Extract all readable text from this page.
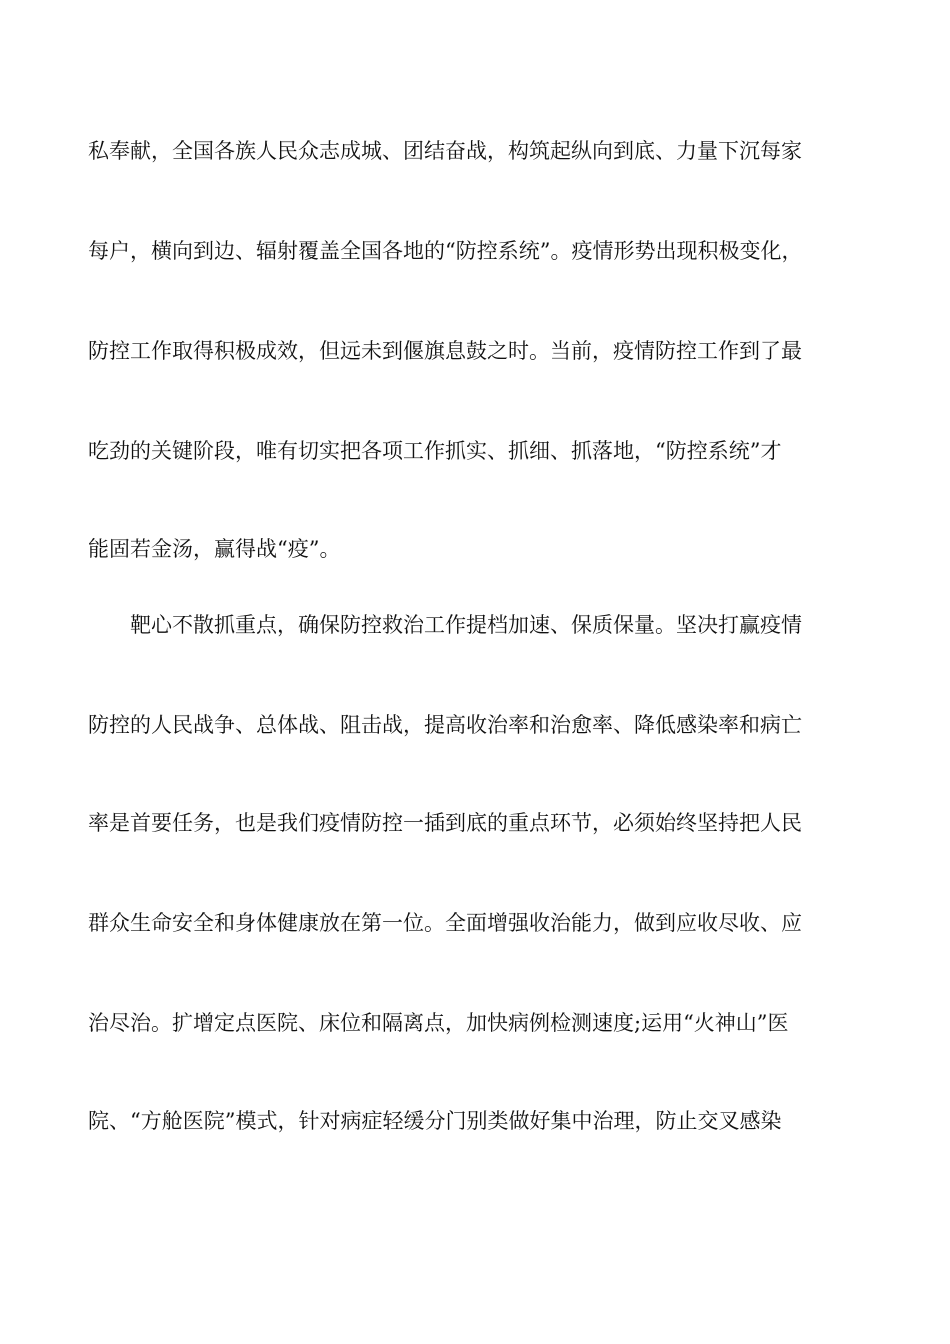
私奉献，全国各族人民众志成城、团结奋战，构筑起纵向到底、力量下沉每家

每户，横向到边、辐射覆盖全国各地的“防控系统”。疫情形势出现积极变化，

防控工作取得积极成效，但远未到偃旗息鼓之时。当前，疫情防控工作到了最

吃劲的关键阶段，唯有切实把各项工作抓实、抓细、抓落地，“防控系统”才

能固若金汤，赢得战“疫”。

靶心不散抓重点，确保防控救治工作提档加速、保质保量。坚决打赢疫情

防控的人民战争、总体战、阻击战，提高收治率和治愈率、降低感染率和病亡

率是首要任务，也是我们疫情防控一插到底的重点环节，必须始终坚持把人民

群众生命安全和身体健康放在第一位。全面增强收治能力，做到应收尽收、应

治尽治。扩增定点医院、床位和隔离点，加快病例检测速度;运用“火神山”医

院、“方舱医院”模式，针对病症轻缓分门别类做好集中治理，防止交叉感染
